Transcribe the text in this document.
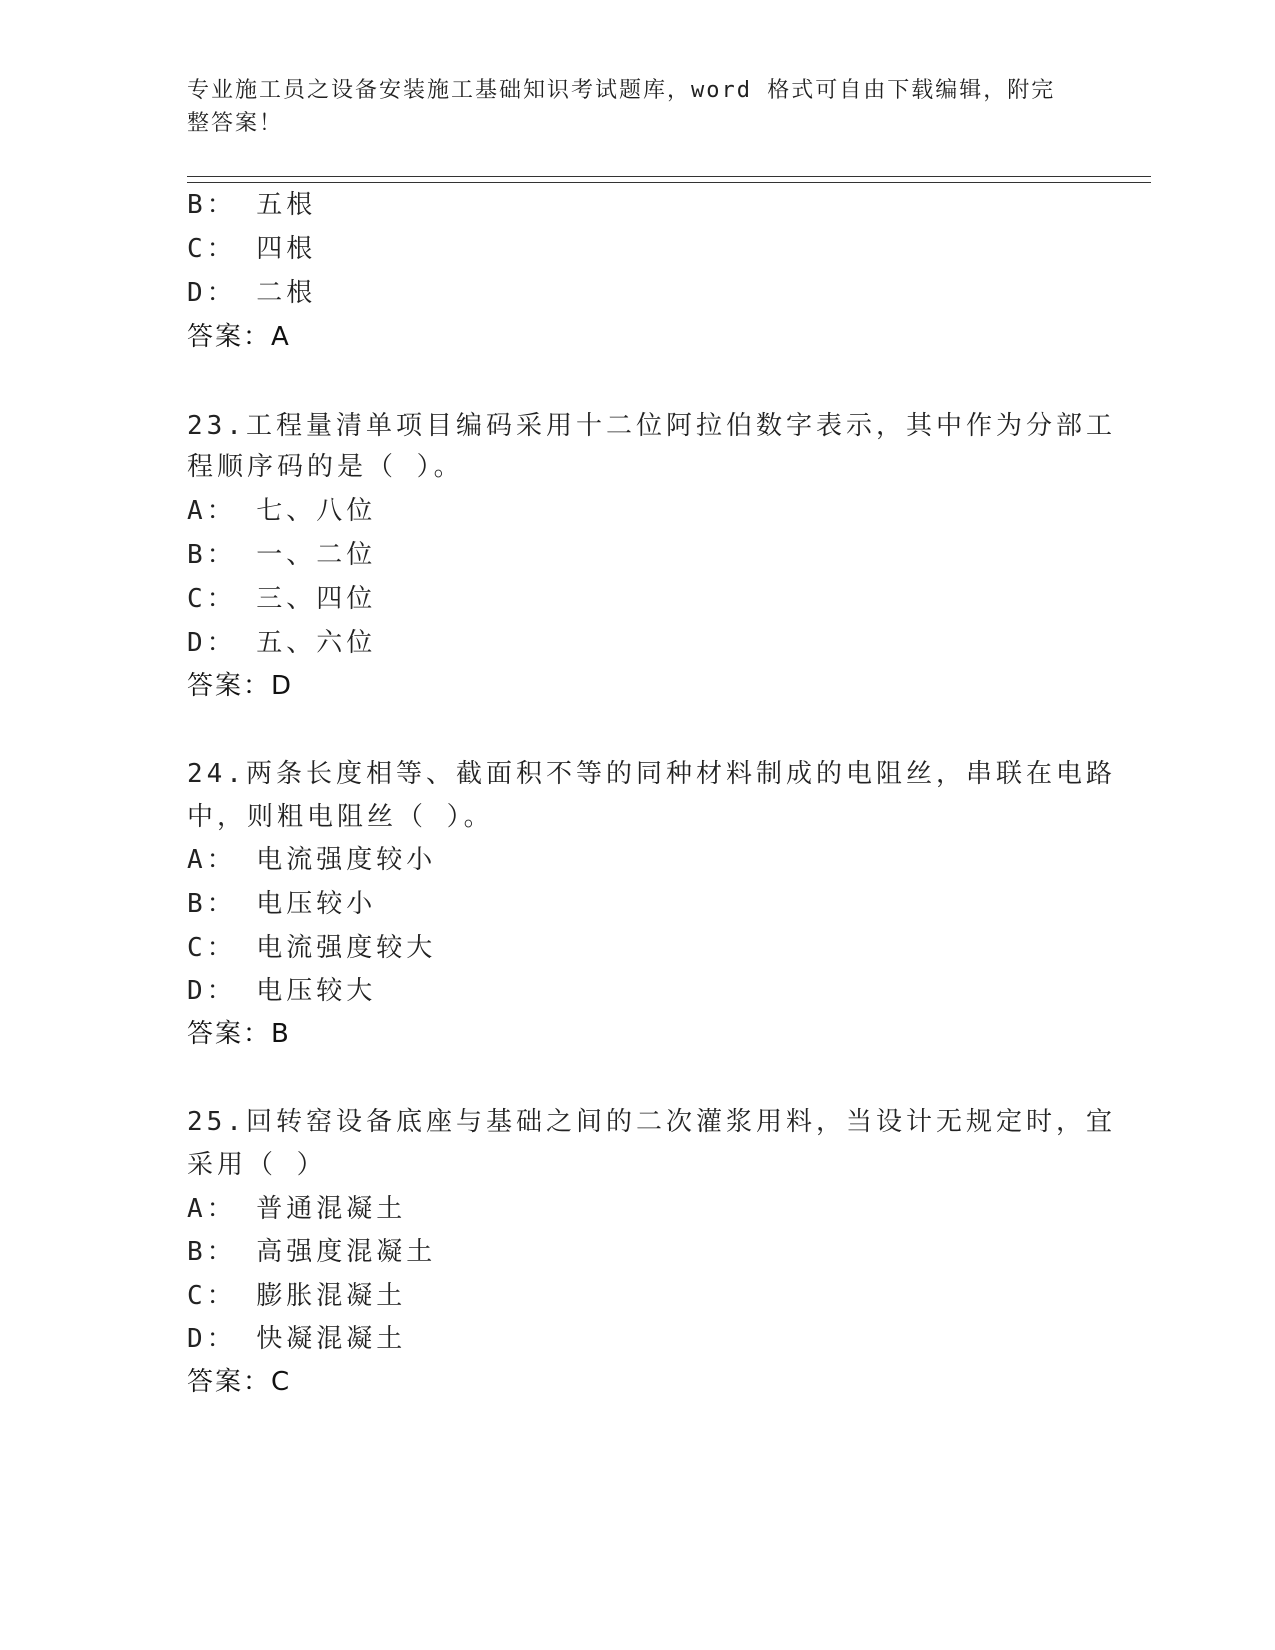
专业施工员之设备安装施工基础知识考试题库，word 格式可自由下载编辑，附完整答案！
B： 五根
C： 四根
D： 二根
答案：A
23.工程量清单项目编码采用十二位阿拉伯数字表示，其中作为分部工
程顺序码的是（ ）。
A： 七、八位
B： 一、二位
C： 三、四位
D： 五、六位
答案：D
24.两条长度相等、截面积不等的同种材料制成的电阻丝，串联在电路
中，则粗电阻丝（ ）。
A： 电流强度较小
B： 电压较小
C： 电流强度较大
D： 电压较大
答案：B
25.回转窑设备底座与基础之间的二次灌浆用料，当设计无规定时，宜
采用（ ）
A： 普通混凝土
B： 高强度混凝土
C： 膨胀混凝土
D： 快凝混凝土
答案：C
